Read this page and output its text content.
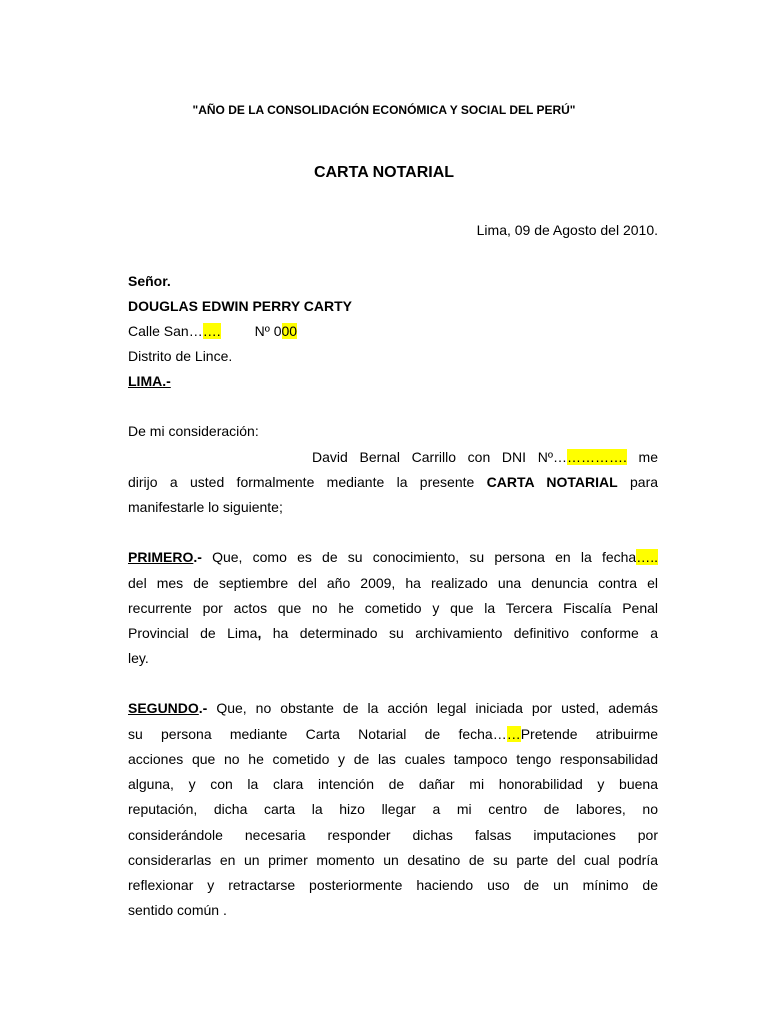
"AÑO DE LA CONSOLIDACIÓN ECONÓMICA Y SOCIAL DEL PERÚ"
CARTA NOTARIAL
Lima, 09 de Agosto del 2010.
Señor.
DOUGLAS EDWIN PERRY CARTY
Calle San……. Nº 000
Distrito de Lince.
LIMA.-
De mi consideración:
David Bernal Carrillo con DNI Nº……………. me
dirijo a usted formalmente mediante la presente CARTA NOTARIAL para
manifestarle lo siguiente;
PRIMERO.- Que, como es de su conocimiento, su persona en la fecha…..
del mes de septiembre del año 2009, ha realizado una denuncia contra el
recurrente por actos que no he cometido y que la Tercera Fiscalía Penal
Provincial de Lima, ha determinado su archivamiento definitivo conforme a
ley.
SEGUNDO.- Que, no obstante de la acción legal iniciada por usted, además
su persona mediante Carta Notarial de fecha……Pretende atribuirme
acciones que no he cometido y de las cuales tampoco tengo responsabilidad
alguna, y con la clara intención de dañar mi honorabilidad y buena
reputación, dicha carta la hizo llegar a mi centro de labores, no
considerándole necesaria responder dichas falsas imputaciones por
considerarlas en un primer momento un desatino de su parte del cual podría
reflexionar y retractarse posteriormente haciendo uso de un mínimo de
sentido común .
